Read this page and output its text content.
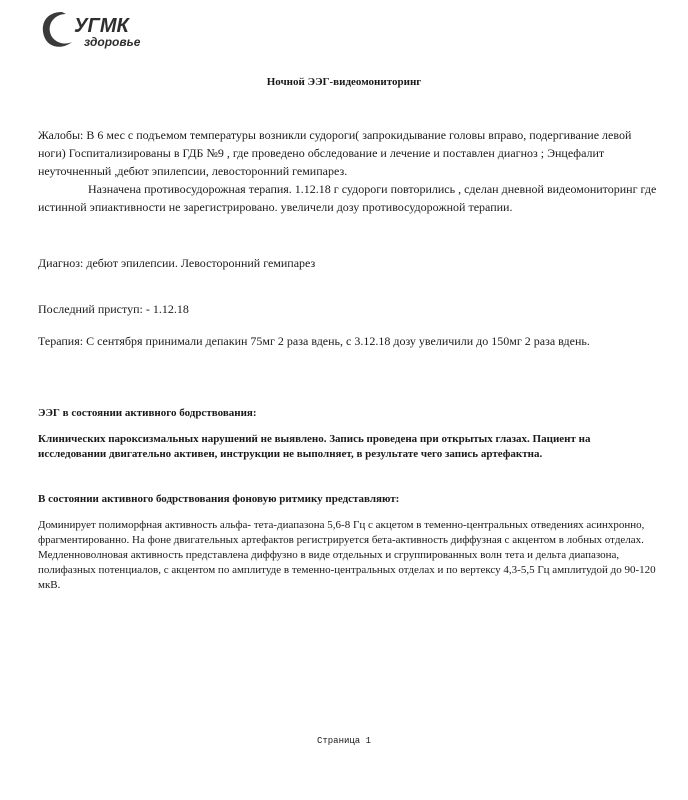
УГМК
здоровье
Ночной ЭЭГ-видеомониторинг

Жалобы: В 6 мес с подъемом температуры возникли судороги( запрокидывание головы вправо, подергивание левой ноги) Госпитализированы в ГДБ №9 , где проведено обследование и лечение и поставлен диагноз ; Энцефалит неуточненный ,дебют эпилепсии, левосторонний гемипарез.

Назначена противосудорожная терапия. 1.12.18 г судороги повторились , сделан дневной видеомониторинг где истинной эпиактивности не зарегистрировано. увеличели дозу противосудорожной терапии.

Диагноз: дебют эпилепсии. Левосторонний гемипарез
Последний приступ: - 1.12.18
Терапия: С сентября принимали депакин 75мг 2 раза вдень, с 3.12.18 дозу увеличили до 150мг 2 раза вдень.
ЭЭГ в состоянии активного бодрствования:
Клинических пароксизмальных нарушений не выявлено. Запись проведена при открытых глазах. Пациент на исследовании двигательно активен, инструкции не выполняет, в результате чего запись артефактна.
В состоянии активного бодрствования фоновую ритмику представляют:
Доминирует полиморфная активность альфа- тета-диапазона 5,6-8 Гц с акцетом в теменно-центральных отведениях асинхронно, фрагментированно. На фоне двигательных артефактов регистрируется бета-активность диффузная с акцентом в лобных отделах. Медленноволновая активность представлена диффузно в виде отдельных и сгруппированных волн тета и дельта диапазона, полифазных потенциалов, с акцентом по амплитуде в теменно-центральных отделах и по вертексу 4,3-5,5 Гц амплитудой до 90-120 мкВ.
Страница 1
